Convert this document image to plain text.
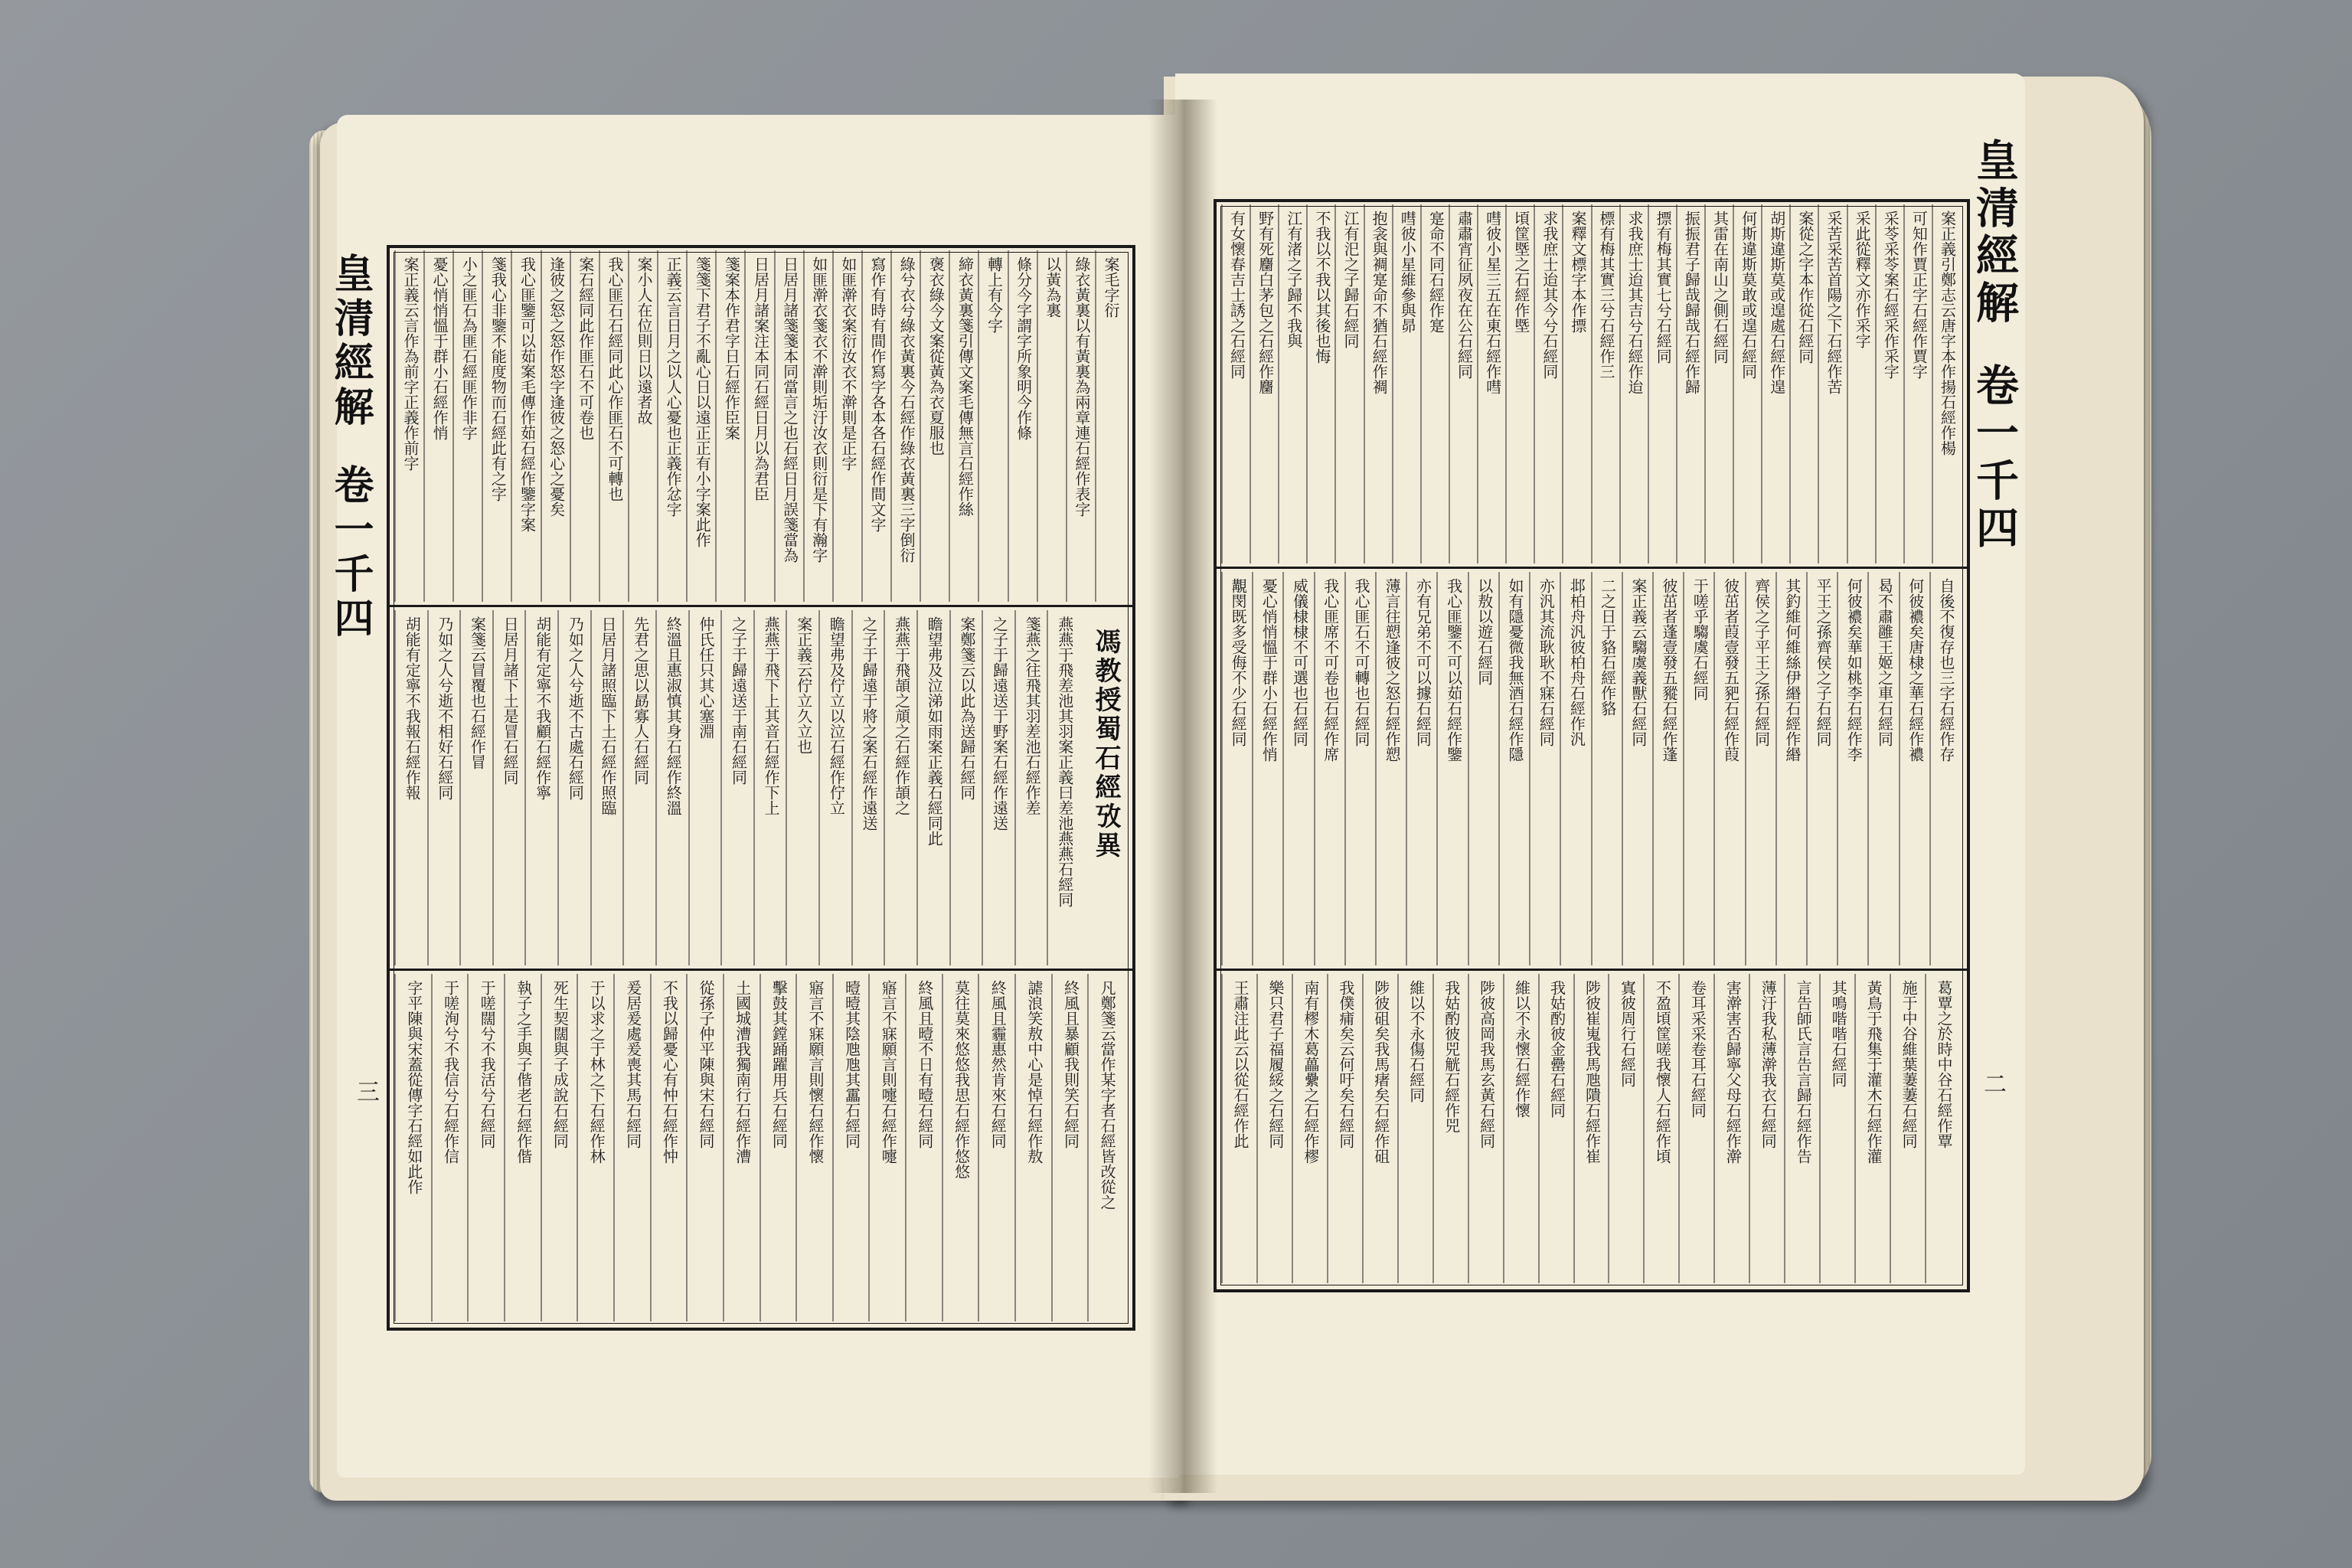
皇清經解 卷一千四
三
馮教授蜀石經攷異
案毛字衍
綠衣黃裏以有黃裏為兩章連石經作表字
以黃為裏
條分今字謂字所象明今作條
轉上有今字
締衣黃裏箋引傳文案毛傳無言石經作絲
褒衣綠今文案從黃為衣夏服也
綠兮衣兮綠衣黃裏今石經作綠衣黃裏三字倒衍
寫作有時有間作寫字各本各石經作間文字
如匪澣衣案衍汝衣不澣則是正字
如匪澣衣箋衣不澣則垢汙汝衣則衍是下有瀚字
日居月諸箋箋本同當言之也石經日月誤箋當為
日居月諸案注本同石經日月以為君臣
箋案本作君字日石經作臣案
箋箋下君子不亂心日以遠正正有小字案此作
正義云言日月之以人心憂也正義作忿字
案小人在位則日以遠者故
我心匪石石經同此心作匪石不可轉也
案石經同此作匪石不可卷也
逢彼之怒之怒作怒字逢彼之怒心之憂矣
我心匪鑒可以茹案毛傳作茹石經作鑒字案
箋我心非鑒不能度物而石經此有之字
小之匪石為匪石經匪作非字
憂心悄悄慍于群小石經作悄
案正義云言作為前字正義作前字
燕燕于飛差池其羽案正義曰差池燕燕石經同
箋燕之往飛其羽差池石經作差
之子于歸遠送于野案石經作遠送
案鄭箋云以此為送歸石經同
瞻望弗及泣涕如雨案正義石經同此
燕燕于飛頡之頏之石經作頡之
之子于歸遠于將之案石經作遠送
瞻望弗及佇立以泣石經作佇立
案正義云佇立久立也
燕燕于飛下上其音石經作下上
之子于歸遠送于南石經同
仲氏任只其心塞淵
終溫且惠淑慎其身石經作終溫
先君之思以勗寡人石經同
日居月諸照臨下土石經作照臨
乃如之人兮逝不古處石經同
胡能有定寧不我顧石經作寧
日居月諸下土是冒石經同
案箋云冒覆也石經作冒
乃如之人兮逝不相好石經同
胡能有定寧不我報石經作報
凡鄭箋云當作某字者石經皆改從之
終風且暴顧我則笑石經同
謔浪笑敖中心是悼石經作敖
終風且霾惠然肯來石經同
莫往莫來悠悠我思石經作悠悠
終風且曀不日有曀石經同
寤言不寐願言則嚏石經作嚏
曀曀其陰虺虺其靁石經同
寤言不寐願言則懷石經作懷
擊鼓其鏜踊躍用兵石經同
土國城漕我獨南行石經作漕
從孫子仲平陳與宋石經同
不我以歸憂心有忡石經作忡
爰居爰處爰喪其馬石經同
于以求之于林之下石經作林
死生契闊與子成說石經同
執子之手與子偕老石經作偕
于嗟闊兮不我活兮石經同
于嗟洵兮不我信兮石經作信
字平陳與宋蓋從傳字石經如此作
皇清經解 卷一千四
二
案正義引鄭志云唐字本作揚石經作楊
可知作賈正字石經作賈字
采苓采苓案石經采作采字
采此從釋文亦作采字
采苦采苦首陽之下石經作苦
案從之字本作從石經同
胡斯違斯莫或遑處石經作遑
何斯違斯莫敢或遑石經同
其雷在南山之側石經同
振振君子歸哉歸哉石經作歸
摽有梅其實七兮石經同
求我庶士迨其吉兮石經作迨
標有梅其實三兮石經作三
案釋文標字本作摽
求我庶士迨其今兮石經同
頃筐塈之石經作塈
嘒彼小星三五在東石經作嘒
肅肅宵征夙夜在公石經同
寔命不同石經作寔
嘒彼小星維參與昴
抱衾與裯寔命不猶石經作裯
江有汜之子歸石經同
不我以不我以其後也悔
江有渚之子歸不我與
野有死麕白茅包之石經作麕
有女懷春吉士誘之石經同
自後不復存也三字石經作存
何彼襛矣唐棣之華石經作襛
曷不肅雝王姬之車石經同
何彼襛矣華如桃李石經作李
平王之孫齊侯之子石經同
其釣維何維絲伊緡石經作緡
齊侯之子平王之孫石經同
彼茁者葭壹發五豝石經作葭
于嗟乎騶虞石經同
彼茁者蓬壹發五豵石經作蓬
案正義云騶虞義獸石經同
二之日于貉石經作貉
邶柏舟汎彼柏舟石經作汎
亦汎其流耿耿不寐石經同
如有隱憂微我無酒石經作隱
以敖以遊石經同
我心匪鑒不可以茹石經作鑒
亦有兄弟不可以據石經同
薄言往愬逢彼之怒石經作愬
我心匪石不可轉也石經同
我心匪席不可卷也石經作席
威儀棣棣不可選也石經同
憂心悄悄慍于群小石經作悄
覯閔既多受侮不少石經同
葛覃之於時中谷石經作覃
施于中谷維葉萋萋石經同
黃鳥于飛集于灌木石經作灌
其鳴喈喈石經同
言告師氏言告言歸石經作告
薄汙我私薄澣我衣石經同
害澣害否歸寧父母石經作澣
卷耳采采卷耳石經同
不盈頃筐嗟我懷人石經作頃
寘彼周行石經同
陟彼崔嵬我馬虺隤石經作崔
我姑酌彼金罍石經同
維以不永懷石經作懷
陟彼高岡我馬玄黃石經同
我姑酌彼兕觥石經作兕
維以不永傷石經同
陟彼砠矣我馬瘏矣石經作砠
我僕痡矣云何吁矣石經同
南有樛木葛藟纍之石經作樛
樂只君子福履綏之石經同
王肅注此云以從石經作此
